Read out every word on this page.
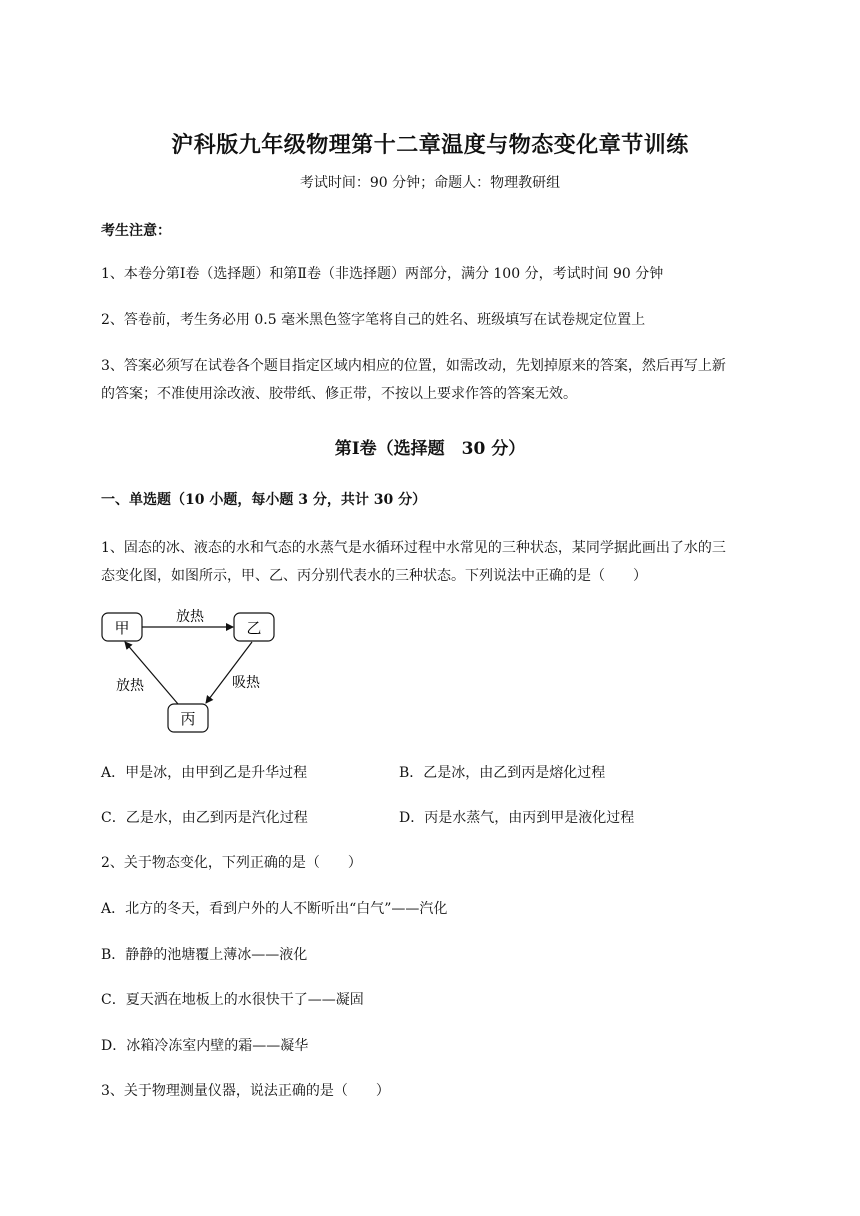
沪科版九年级物理第十二章温度与物态变化章节训练
考试时间：90 分钟；命题人：物理教研组
考生注意：
1、本卷分第Ⅰ卷（选择题）和第Ⅱ卷（非选择题）两部分，满分 100 分，考试时间 90 分钟
2、答卷前，考生务必用 0.5 毫米黑色签字笔将自己的姓名、班级填写在试卷规定位置上
3、答案必须写在试卷各个题目指定区域内相应的位置，如需改动，先划掉原来的答案，然后再写上新
的答案；不准使用涂改液、胶带纸、修正带，不按以上要求作答的答案无效。
第Ⅰ卷（选择题　30 分）
一、单选题（10 小题，每小题 3 分，共计 30 分）
1、固态的冰、液态的水和气态的水蒸气是水循环过程中水常见的三种状态，某同学据此画出了水的三
态变化图，如图所示，甲、乙、丙分别代表水的三种状态。下列说法中正确的是（　　）
甲	乙
丙
放热
吸热
放热
A．甲是冰，由甲到乙是升华过程	B．乙是冰，由乙到丙是熔化过程
C．乙是水，由乙到丙是汽化过程	D．丙是水蒸气，由丙到甲是液化过程
2、关于物态变化，下列正确的是（　　）
A．北方的冬天，看到户外的人不断听出“白气”——汽化
B．静静的池塘覆上薄冰——液化
C．夏天洒在地板上的水很快干了——凝固
D．冰箱冷冻室内壁的霜——凝华
3、关于物理测量仪器，说法正确的是（　　）
